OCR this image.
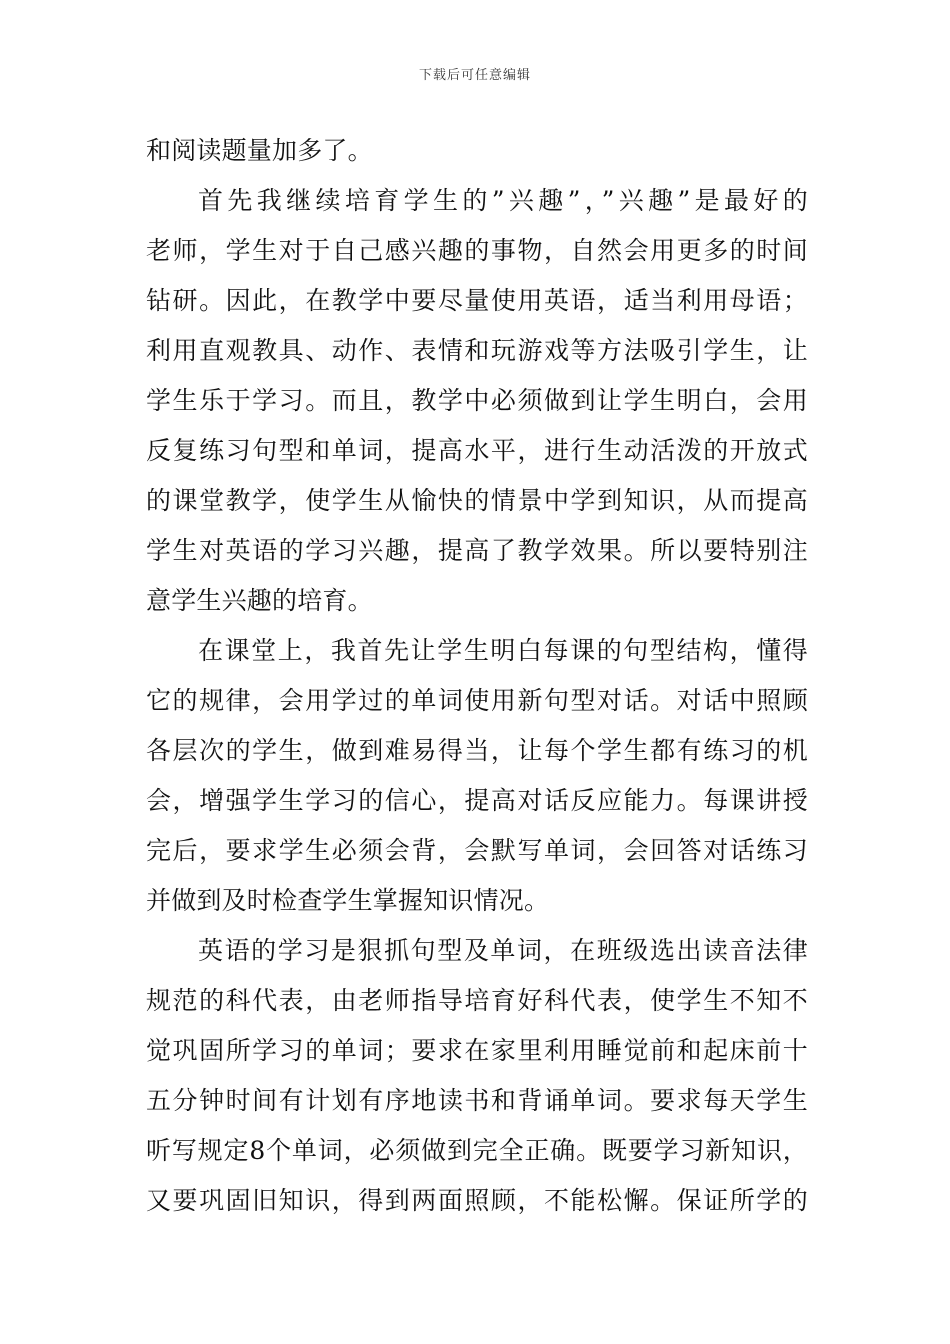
下载后可任意编辑
和阅读题量加多了。
首先我继续培育学生的”兴趣”，”兴趣”是最好的
老师，学生对于自己感兴趣的事物，自然会用更多的时间
钻研。因此，在教学中要尽量使用英语，适当利用母语；
利用直观教具、动作、表情和玩游戏等方法吸引学生，让
学生乐于学习。而且，教学中必须做到让学生明白，会用
反复练习句型和单词，提高水平，进行生动活泼的开放式
的课堂教学，使学生从愉快的情景中学到知识，从而提高
学生对英语的学习兴趣，提高了教学效果。所以要特别注
意学生兴趣的培育。
在课堂上，我首先让学生明白每课的句型结构，懂得
它的规律，会用学过的单词使用新句型对话。对话中照顾
各层次的学生，做到难易得当，让每个学生都有练习的机
会，增强学生学习的信心，提高对话反应能力。每课讲授
完后，要求学生必须会背，会默写单词，会回答对话练习
并做到及时检查学生掌握知识情况。
英语的学习是狠抓句型及单词，在班级选出读音法律
规范的科代表，由老师指导培育好科代表，使学生不知不
觉巩固所学习的单词；要求在家里利用睡觉前和起床前十
五分钟时间有计划有序地读书和背诵单词。要求每天学生
听写规定8个单词，必须做到完全正确。既要学习新知识，
又要巩固旧知识，得到两面照顾，不能松懈。保证所学的
